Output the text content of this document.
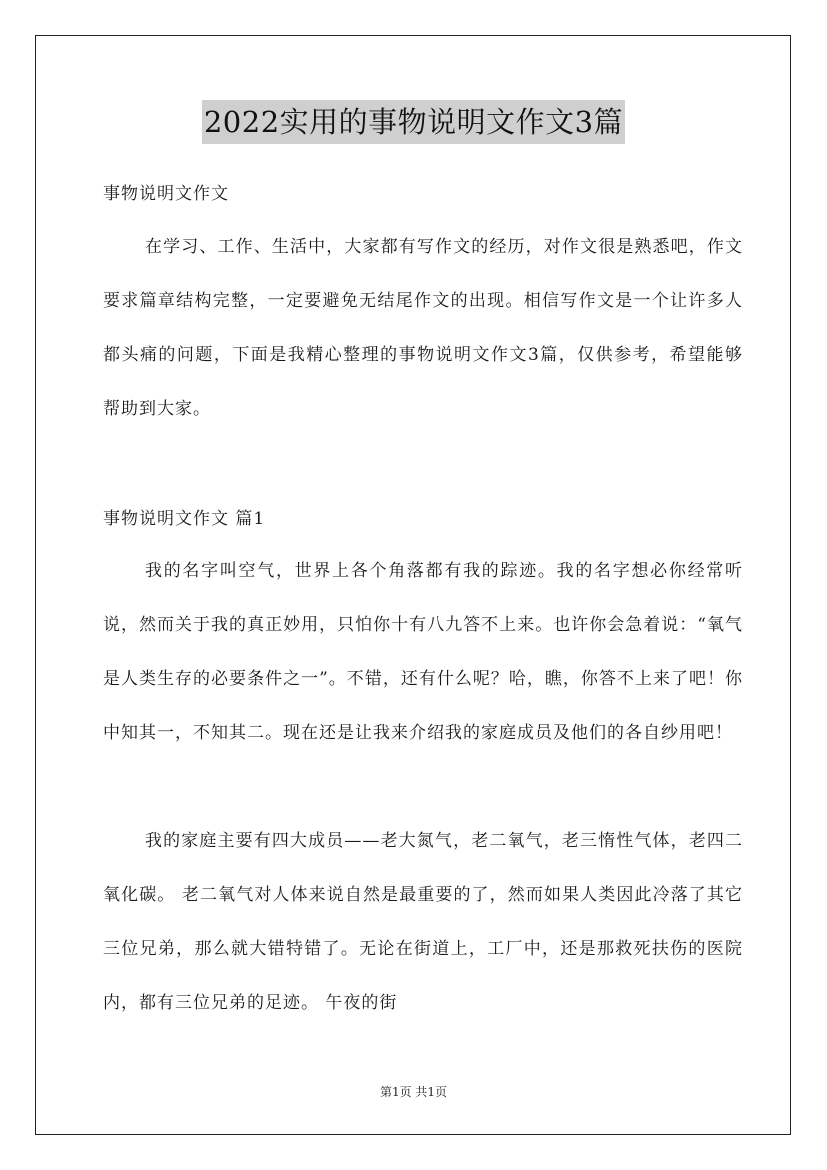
2022实用的事物说明文作文3篇
事物说明文作文

在学习、工作、生活中，大家都有写作文的经历，对作文很是熟悉吧，作文要求篇章结构完整，一定要避免无结尾作文的出现。相信写作文是一个让许多人都头痛的问题，下面是我精心整理的事物说明文作文3篇，仅供参考，希望能够帮助到大家。

事物说明文作文 篇1

我的名字叫空气，世界上各个角落都有我的踪迹。我的名字想必你经常听说，然而关于我的真正妙用，只怕你十有八九答不上来。也许你会急着说：“氧气是人类生存的必要条件之一”。不错，还有什么呢？哈，瞧，你答不上来了吧！你中知其一，不知其二。现在还是让我来介绍我的家庭成员及他们的各自纱用吧！

我的家庭主要有四大成员——老大氮气，老二氧气，老三惰性气体，老四二氧化碳。 老二氧气对人体来说自然是最重要的了，然而如果人类因此冷落了其它三位兄弟，那么就大错特错了。无论在街道上，工厂中，还是那救死扶伤的医院内，都有三位兄弟的足迹。 午夜的街

第1页 共1页
